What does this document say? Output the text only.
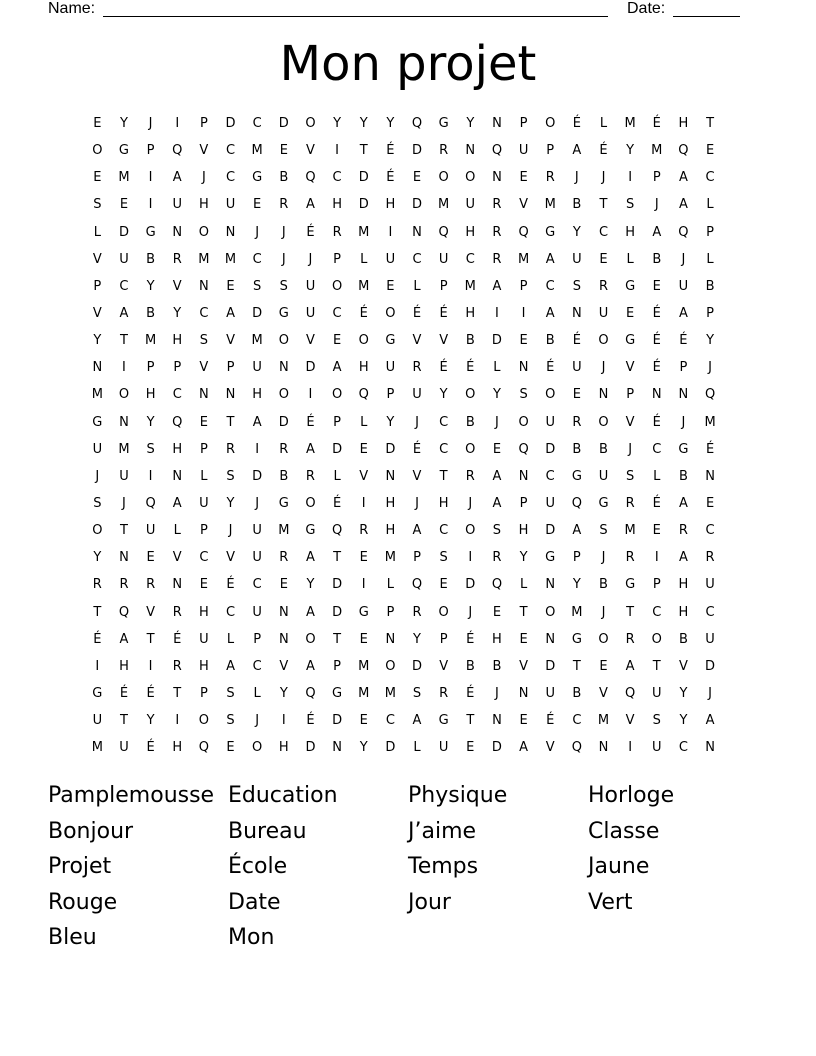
Name:	Date:
Mon projet
E	Y	J	I	P	D	C	D	O	Y	Y	Y	Q	G	Y	N	P	O	É	L	M	É	H	T
O	G	P	Q	V	C	M	E	V	I	T	É	D	R	N	Q	U	P	A	É	Y	M	Q	E
E	M	I	A	J	C	G	B	Q	C	D	É	E	O	O	N	E	R	J	J	I	P	A	C
S	E	I	U	H	U	E	R	A	H	D	H	D	M	U	R	V	M	B	T	S	J	A	L
L	D	G	N	O	N	J	J	É	R	M	I	N	Q	H	R	Q	G	Y	C	H	A	Q	P
V	U	B	R	M	M	C	J	J	P	L	U	C	U	C	R	M	A	U	E	L	B	J	L
P	C	Y	V	N	E	S	S	U	O	M	E	L	P	M	A	P	C	S	R	G	E	U	B
V	A	B	Y	C	A	D	G	U	C	É	O	É	É	H	I	I	A	N	U	E	É	A	P
Y	T	M	H	S	V	M	O	V	E	O	G	V	V	B	D	E	B	É	O	G	É	É	Y
N	I	P	P	V	P	U	N	D	A	H	U	R	É	É	L	N	É	U	J	V	É	P	J
M	O	H	C	N	N	H	O	I	O	Q	P	U	Y	O	Y	S	O	E	N	P	N	N	Q
G	N	Y	Q	E	T	A	D	É	P	L	Y	J	C	B	J	O	U	R	O	V	É	J	M
U	M	S	H	P	R	I	R	A	D	E	D	É	C	O	E	Q	D	B	B	J	C	G	É
J	U	I	N	L	S	D	B	R	L	V	N	V	T	R	A	N	C	G	U	S	L	B	N
S	J	Q	A	U	Y	J	G	O	É	I	H	J	H	J	A	P	U	Q	G	R	É	A	E
O	T	U	L	P	J	U	M	G	Q	R	H	A	C	O	S	H	D	A	S	M	E	R	C
Y	N	E	V	C	V	U	R	A	T	E	M	P	S	I	R	Y	G	P	J	R	I	A	R
R	R	R	N	E	É	C	E	Y	D	I	L	Q	E	D	Q	L	N	Y	B	G	P	H	U
T	Q	V	R	H	C	U	N	A	D	G	P	R	O	J	E	T	O	M	J	T	C	H	C
É	A	T	É	U	L	P	N	O	T	E	N	Y	P	É	H	E	N	G	O	R	O	B	U
I	H	I	R	H	A	C	V	A	P	M	O	D	V	B	B	V	D	T	E	A	T	V	D
G	É	É	T	P	S	L	Y	Q	G	M	M	S	R	É	J	N	U	B	V	Q	U	Y	J
U	T	Y	I	O	S	J	I	É	D	E	C	A	G	T	N	E	É	C	M	V	S	Y	A
M	U	É	H	Q	E	O	H	D	N	Y	D	L	U	E	D	A	V	Q	N	I	U	C	N
Pamplemousse Education	Physique	Horloge
Bonjour	Bureau	J’aime	Classe
Projet	École	Temps	Jaune
Rouge	Date	Jour	Vert
Bleu	Mon
